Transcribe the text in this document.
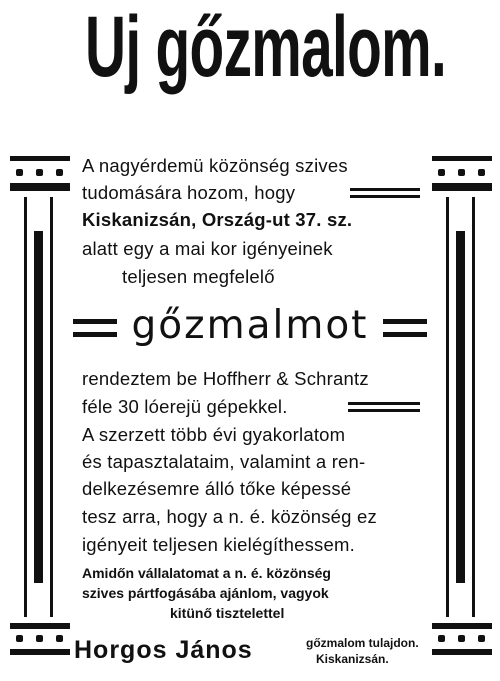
Uj gőzmalom.
A nagyérdemü közönség szives
tudomására hozom, hogy
Kiskanizsán, Ország-ut 37. sz.
alatt egy a mai kor igényeinek
teljesen megfelelő
gőzmalmot
rendeztem be Hoffherr & Schrantz
féle 30 lóerejü gépekkel.
A szerzett több évi gyakorlatom
és tapasztalataim, valamint a ren-
delkezésemre álló tőke képessé
tesz arra, hogy a n. é. közönség ez
igényeit teljesen kielégíthessem.
Amidőn vállalatomat a n. é. közönség
szives pártfogásába ajánlom, vagyok
kitünő tisztelettel
Horgos János	gőzmalom tulajdon.
Kiskanizsán.
